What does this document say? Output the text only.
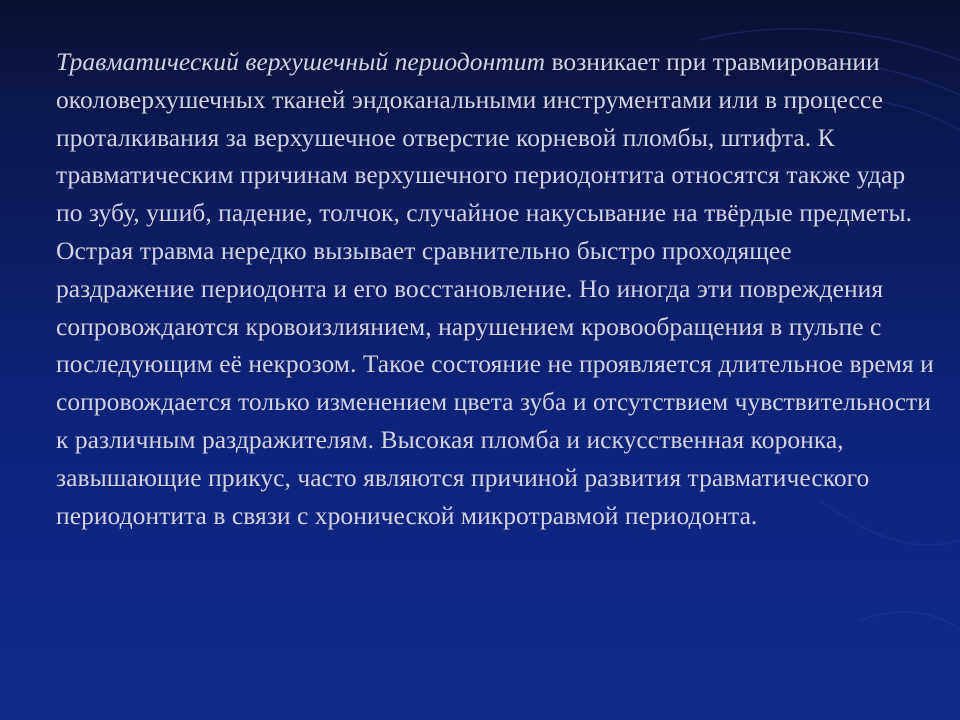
Травматический верхушечный периодонтит возникает при травмировании околоверхушечных тканей эндоканальными инструментами или в процессе проталкивания за верхушечное отверстие корневой пломбы, штифта. К травматическим причинам верхушечного периодонтита относятся также удар по зубу, ушиб, падение, толчок, случайное накусывание на твёрдые предметы. Острая травма нередко вызывает сравнительно быстро проходящее раздражение периодонта и его восстановление. Но иногда эти повреждения сопровождаются кровоизлиянием, нарушением кровообращения в пульпе с последующим её некрозом. Такое состояние не проявляется длительное время и сопровождается только изменением цвета зуба и отсутствием чувствительности к различным раздражителям. Высокая пломба и искусственная коронка, завышающие прикус, часто являются причиной развития травматического периодонтита в связи с хронической микротравмой периодонта.
